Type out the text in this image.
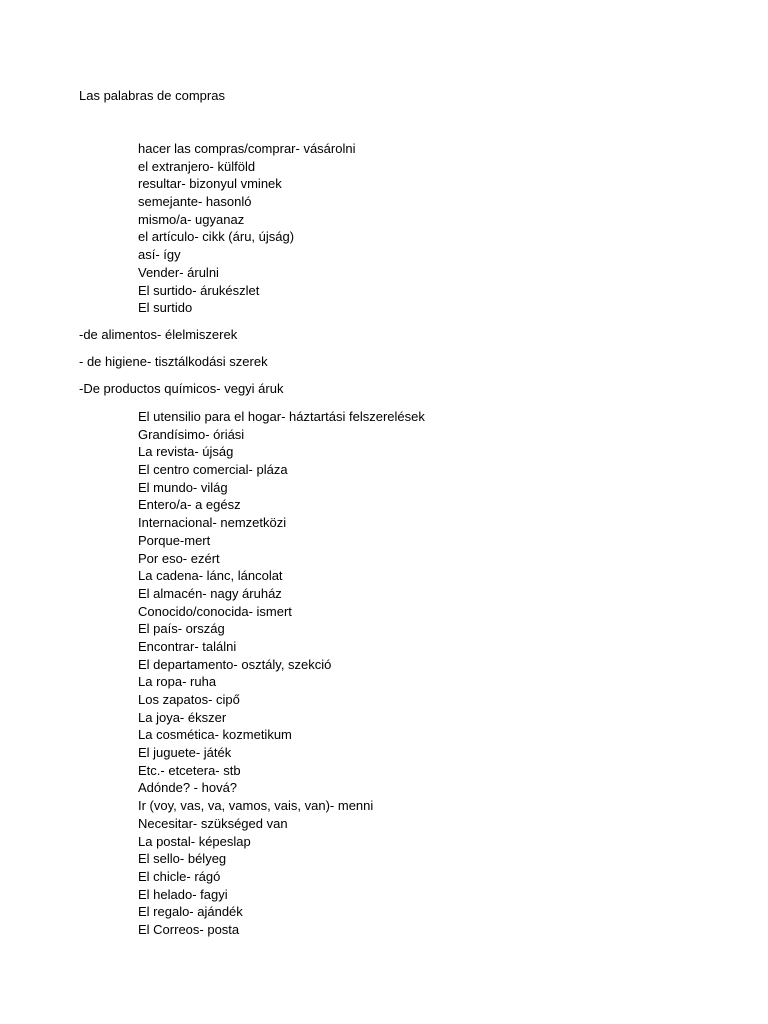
Las palabras de compras
hacer las compras/comprar- vásárolni
el extranjero- külföld
resultar- bizonyul vminek
semejante- hasonló
mismo/a- ugyanaz
el artículo- cikk (áru, újság)
así- így
Vender- árulni
El surtido- árukészlet
El surtido
-de alimentos- élelmiszerek
- de higiene- tisztálkodási szerek
-De productos químicos- vegyi áruk
El utensilio para el hogar- háztartási felszerelések
Grandísimo- óriási
La revista- újság
El centro comercial- pláza
El mundo- világ
Entero/a- a egész
Internacional- nemzetközi
Porque-mert
Por eso- ezért
La cadena- lánc, láncolat
El almacén- nagy áruház
Conocido/conocida- ismert
El país- ország
Encontrar- találni
El departamento- osztály, szekció
La ropa- ruha
Los zapatos- cipő
La joya- ékszer
La cosmética- kozmetikum
El juguete- játék
Etc.- etcetera- stb
Adónde? - hová?
Ir (voy, vas, va, vamos, vais, van)- menni
Necesitar- szükséged van
La postal- képeslap
El sello- bélyeg
El chicle- rágó
El helado- fagyi
El regalo- ajándék
El Correos- posta
